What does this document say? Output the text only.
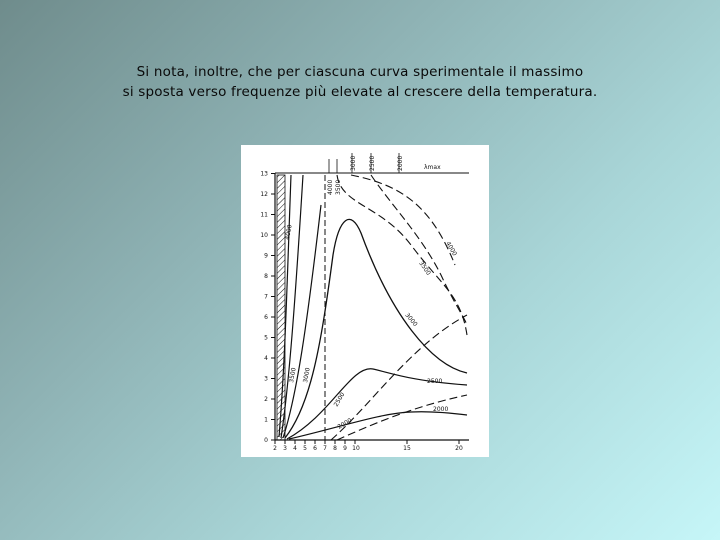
Si nota, inoltre, che per ciascuna curva sperimentale il massimo
si sposta verso frequenze più elevate al crescere della temperatura.
0
1
2
3
4
5
6
7
8
9
10
11
12
13
2 3 4 5 6 7 8 9 10	15	20
4000 3500
3000 2500	2000	λmax
4000
3500 3000
4000
3500
3000
2500
2500
2000
2000
